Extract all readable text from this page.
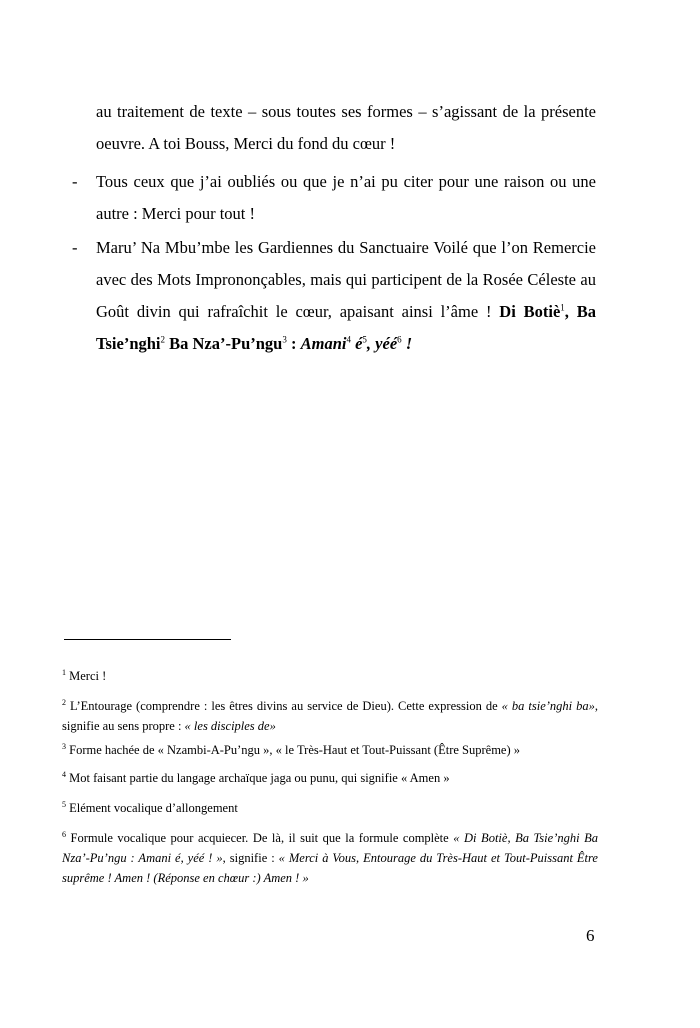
au traitement de texte – sous toutes ses formes – s’agissant de la présente oeuvre. A toi Bouss, Merci du fond du cœur !
- Tous ceux que j’ai oubliés ou que je n’ai pu citer pour une raison ou une autre : Merci pour tout !
- Maru’ Na Mbu’mbe les Gardiennes du Sanctuaire Voilé que l’on Remercie avec des Mots Imprononçables, mais qui participent de la Rosée Céleste au Goût divin qui rafraîchit le cœur, apaisant ainsi l’âme ! Di Botiè$^1$, Ba Tsie’nghi$^2$ Ba Nza’-Pu’ngu$^3$ : Amani$^4$ $é^5$, yéé$^6$ !
$^1$ Merci !
$^2$ L’Entourage (comprendre : les êtres divins au service de Dieu). Cette expression de « ba tsie’nghi ba», signifie au sens propre : « les disciples de»
$^3$ Forme hachée de « Nzambi-A-Pu’ngu », « le Très-Haut et Tout-Puissant (Être Suprême) »
$^4$ Mot faisant partie du langage archaïque jaga ou punu, qui signifie « Amen »
$^5$ Elément vocalique d’allongement
$^6$ Formule vocalique pour acquiecer. De là, il suit que la formule complète « Di Botiè, Ba Tsie’nghi Ba Nza’-Pu’ngu : Amani é, yéé ! », signifie : « Merci à Vous, Entourage du Très-Haut et Tout-Puissant Être suprême ! Amen ! (Réponse en chœur :) Amen ! »
6
